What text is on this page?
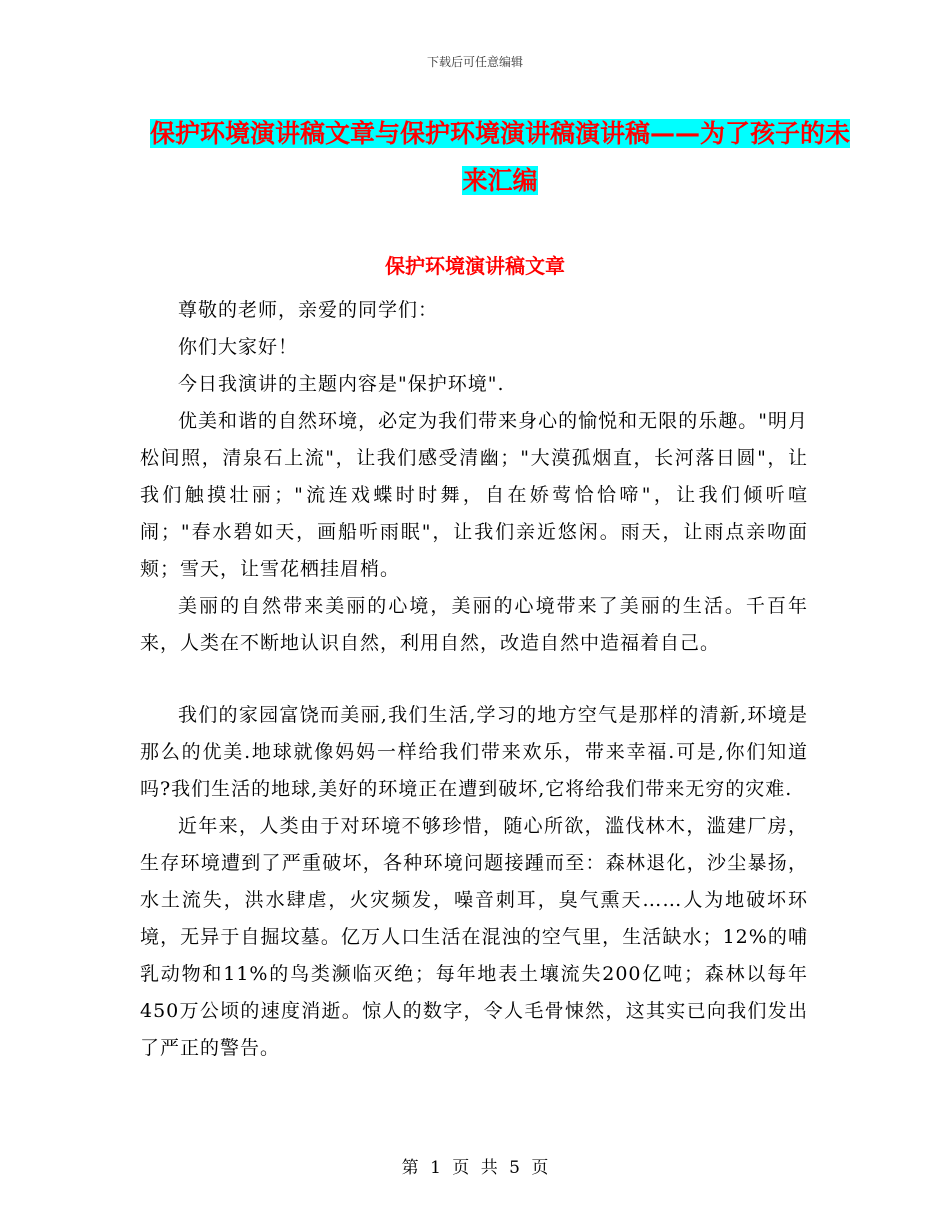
下载后可任意编辑
保护环境演讲稿文章与保护环境演讲稿演讲稿——为了孩子的未来汇编
保护环境演讲稿文章

尊敬的老师，亲爱的同学们：

你们大家好！

今日我演讲的主题内容是"保护环境".

优美和谐的自然环境，必定为我们带来身心的愉悦和无限的乐趣。"明月松间照，清泉石上流"，让我们感受清幽；"大漠孤烟直，长河落日圆"，让我们触摸壮丽；"流连戏蝶时时舞，自在娇莺恰恰啼"，让我们倾听喧闹；"春水碧如天，画船听雨眠"，让我们亲近悠闲。雨天，让雨点亲吻面颊；雪天，让雪花栖挂眉梢。

美丽的自然带来美丽的心境，美丽的心境带来了美丽的生活。千百年来，人类在不断地认识自然，利用自然，改造自然中造福着自己。

我们的家园富饶而美丽,我们生活,学习的地方空气是那样的清新,环境是那么的优美.地球就像妈妈一样给我们带来欢乐，带来幸福.可是,你们知道吗?我们生活的地球,美好的环境正在遭到破坏,它将给我们带来无穷的灾难.

近年来，人类由于对环境不够珍惜，随心所欲，滥伐林木，滥建厂房，生存环境遭到了严重破坏，各种环境问题接踵而至：森林退化，沙尘暴扬，水土流失，洪水肆虐，火灾频发，噪音刺耳，臭气熏天……人为地破坏环境，无异于自掘坟墓。亿万人口生活在混浊的空气里，生活缺水；12%的哺乳动物和11%的鸟类濒临灭绝；每年地表土壤流失200亿吨；森林以每年450万公顷的速度消逝。惊人的数字，令人毛骨悚然，这其实已向我们发出了严正的警告。

第 1 页 共 5 页
